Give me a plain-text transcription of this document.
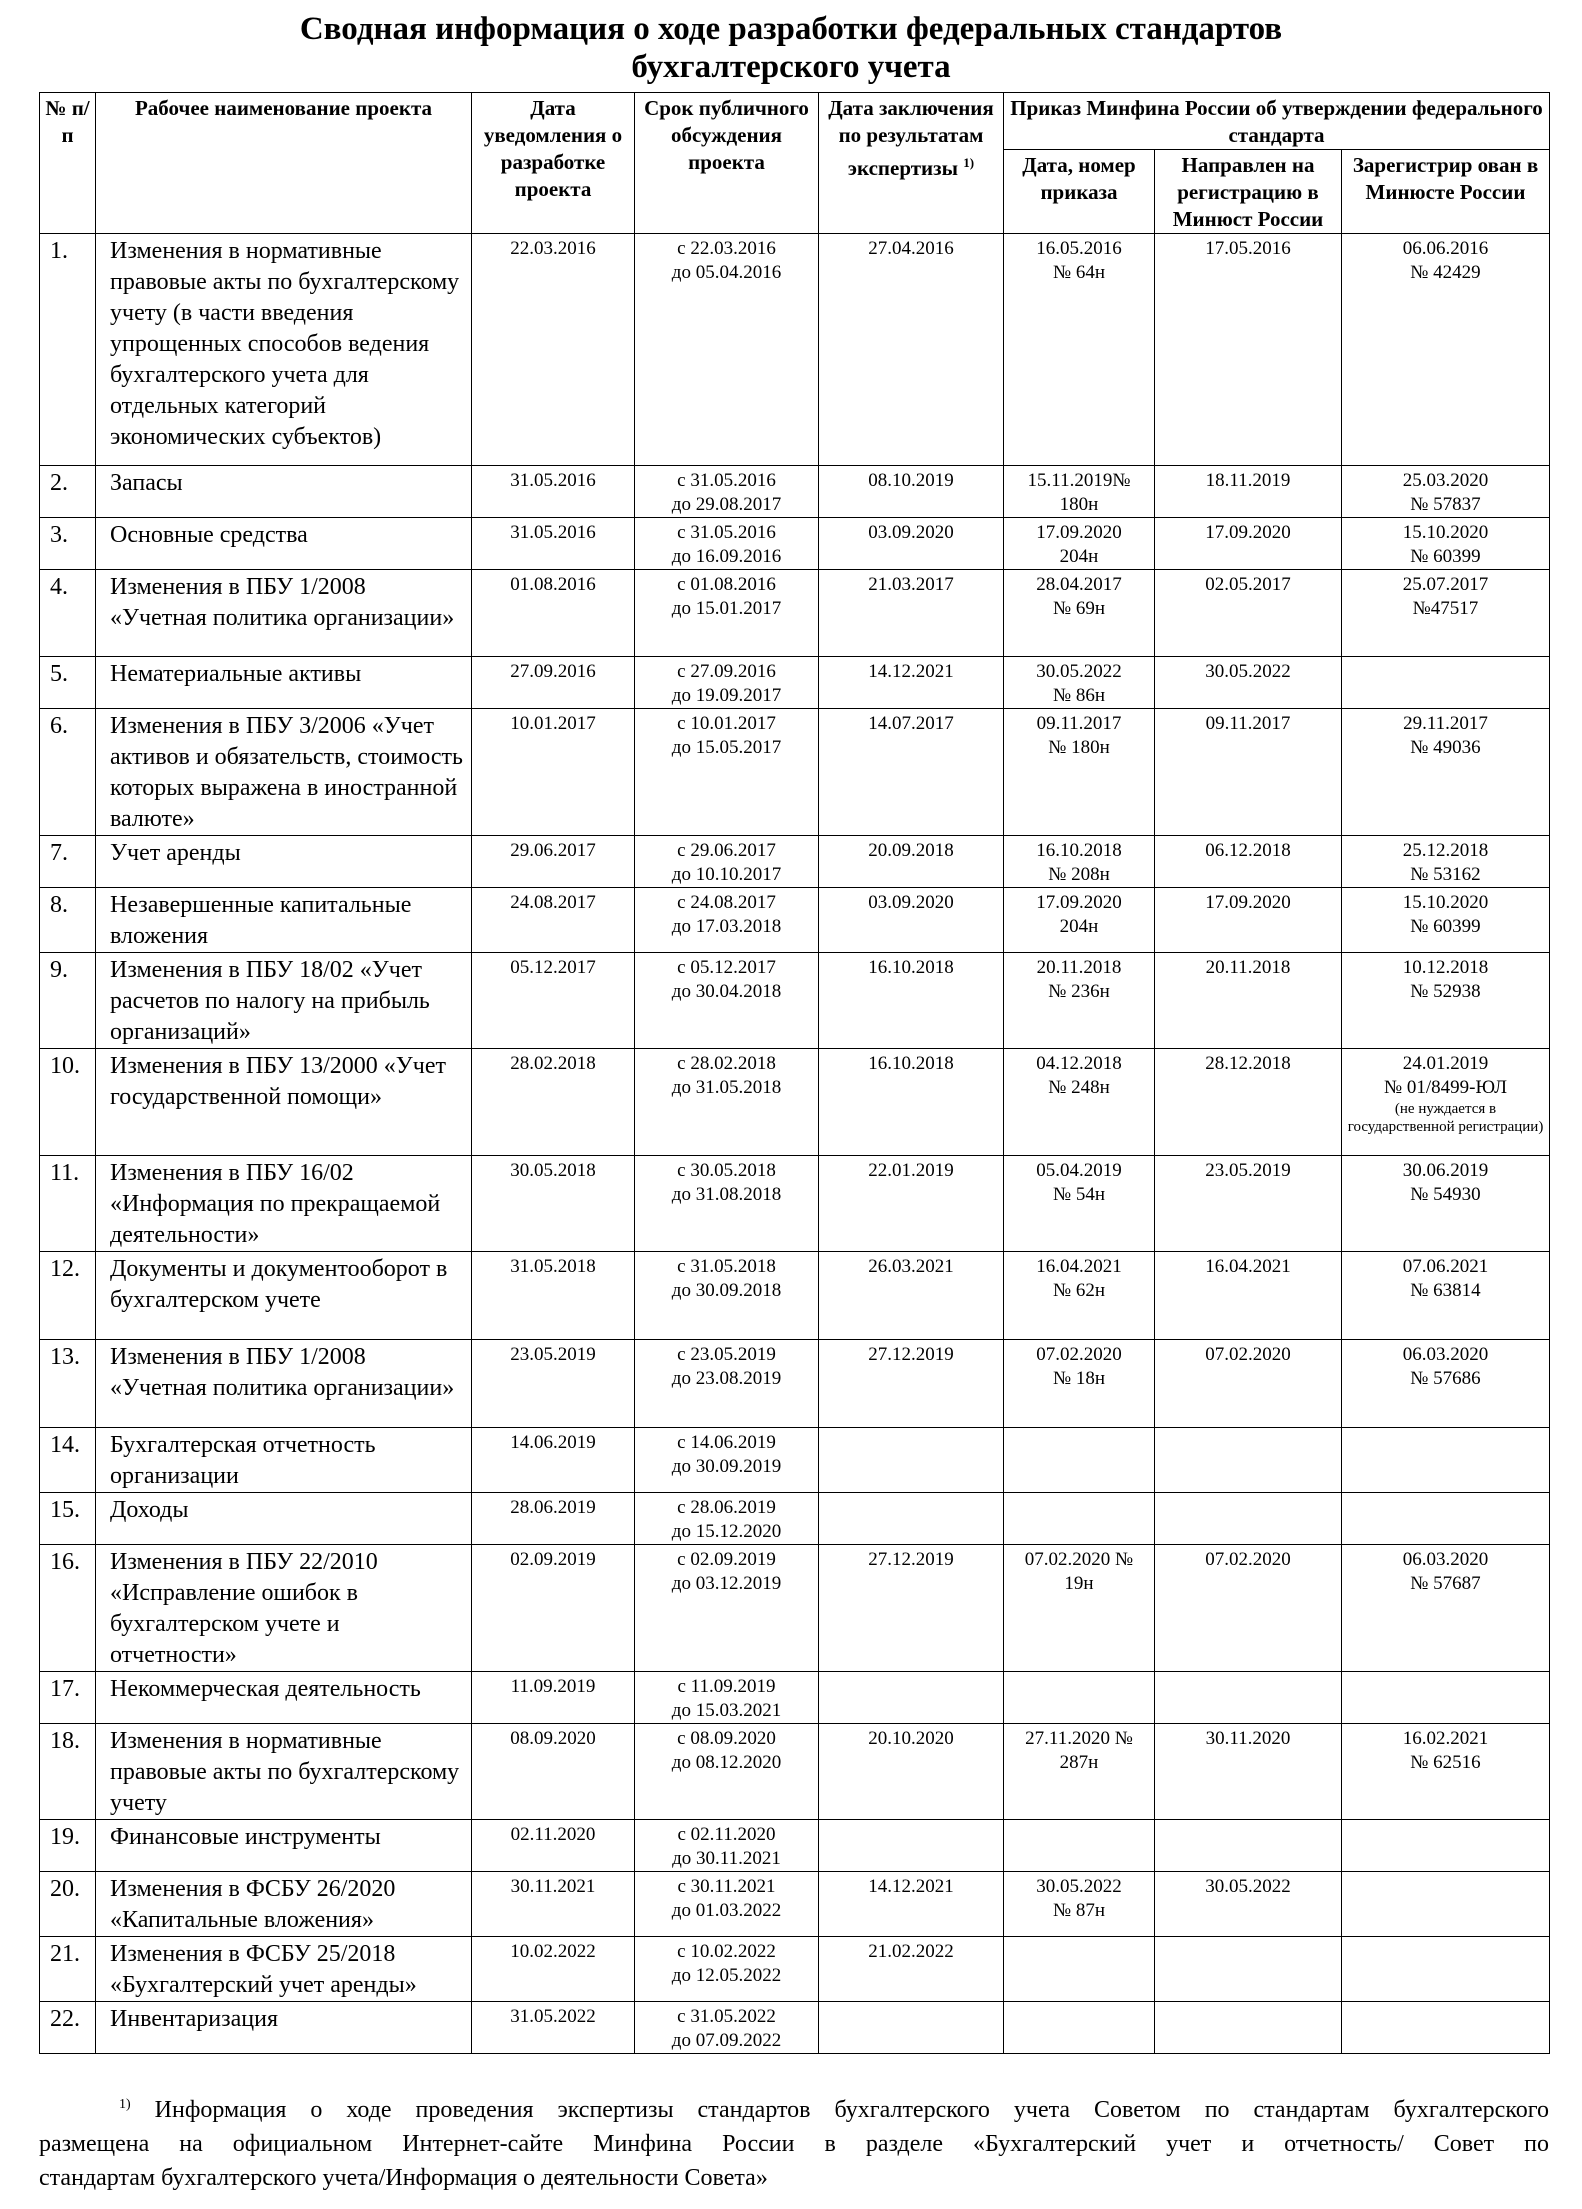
Сводная информация о ходе разработки федеральных стандартов
бухгалтерского учета
№ п/п	Рабочее наименование проекта	Дата уведомления о разработке проекта	Срок публичного обсуждения проекта	Дата заключения по результатам экспертизы $^{1)}$	Приказ Минфина России об утверждении федерального стандарта		
					Дата, номер приказа	Направлен на регистрацию в Минюст России	Зарегистрир ован в Минюсте России
1.	Изменения в нормативные правовые акты по бухгалтерскому учету (в части введения упрощенных способов ведения бухгалтерского учета для отдельных категорий экономических субъектов)	22.03.2016	с 22.03.2016
до 05.04.2016	27.04.2016	16.05.2016
№ 64н	17.05.2016	06.06.2016
№ 42429

2.	Запасы	31.05.2016	с 31.05.2016
до 29.08.2017	08.10.2019	15.11.2019№
180н	18.11.2019	25.03.2020
№ 57837

3.	Основные средства	31.05.2016	с 31.05.2016
до 16.09.2016	03.09.2020	17.09.2020
204н	17.09.2020	15.10.2020
№ 60399

4.	Изменения в ПБУ 1/2008 «Учетная политика организации»	01.08.2016	с 01.08.2016
до 15.01.2017	21.03.2017	28.04.2017
№ 69н	02.05.2017	25.07.2017
№47517

5.	Нематериальные активы	27.09.2016	с 27.09.2016
до 19.09.2017	14.12.2021	30.05.2022
№ 86н	30.05.2022	

6.	Изменения в ПБУ 3/2006 «Учет активов и обязательств, стоимость которых выражена в иностранной валюте»	10.01.2017	с 10.01.2017
до 15.05.2017	14.07.2017	09.11.2017
№ 180н	09.11.2017	29.11.2017
№ 49036

7.	Учет аренды	29.06.2017	с 29.06.2017
до 10.10.2017	20.09.2018	16.10.2018
№ 208н	06.12.2018	25.12.2018
№ 53162

8.	Незавершенные капитальные вложения	24.08.2017	с 24.08.2017
до 17.03.2018	03.09.2020	17.09.2020
204н	17.09.2020	15.10.2020
№ 60399

9.	Изменения в ПБУ 18/02 «Учет расчетов по налогу на прибыль организаций»	05.12.2017	с 05.12.2017
до 30.04.2018	16.10.2018	20.11.2018
№ 236н	20.11.2018	10.12.2018
№ 52938

10.	Изменения в ПБУ 13/2000 «Учет государственной помощи»	28.02.2018	с 28.02.2018
до 31.05.2018	16.10.2018	04.12.2018
№ 248н	28.12.2018	24.01.2019
№ 01/8499-ЮЛ
(не нуждается в государственной регистрации)

11.	Изменения в ПБУ 16/02 «Информация по прекращаемой деятельности»	30.05.2018	с 30.05.2018
до 31.08.2018	22.01.2019	05.04.2019
№ 54н	23.05.2019	30.06.2019
№ 54930

12.	Документы и документооборот в бухгалтерском учете	31.05.2018	с 31.05.2018
до 30.09.2018	26.03.2021	16.04.2021
№ 62н	16.04.2021	07.06.2021
№ 63814

13.	Изменения в ПБУ 1/2008 «Учетная политика организации»	23.05.2019	с 23.05.2019
до 23.08.2019	27.12.2019	07.02.2020
№ 18н	07.02.2020	06.03.2020
№ 57686

14.	Бухгалтерская отчетность организации	14.06.2019	с 14.06.2019
до 30.09.2019				

15.	Доходы	28.06.2019	с 28.06.2019
до 15.12.2020				

16.	Изменения в ПБУ 22/2010 «Исправление ошибок в бухгалтерском учете и отчетности»	02.09.2019	с 02.09.2019
до 03.12.2019	27.12.2019	07.02.2020 №
19н	07.02.2020	06.03.2020
№ 57687

17.	Некоммерческая деятельность	11.09.2019	с 11.09.2019
до 15.03.2021				

18.	Изменения в нормативные правовые акты по бухгалтерскому учету	08.09.2020	с 08.09.2020
до 08.12.2020	20.10.2020	27.11.2020 №
287н	30.11.2020	16.02.2021
№ 62516

19.	Финансовые инструменты	02.11.2020	с 02.11.2020
до 30.11.2021				

20.	Изменения в ФСБУ 26/2020 «Капитальные вложения»	30.11.2021	с 30.11.2021
до 01.03.2022	14.12.2021	30.05.2022
№ 87н	30.05.2022	

21.	Изменения в ФСБУ 25/2018 «Бухгалтерский учет аренды»	10.02.2022	с 10.02.2022
до 12.05.2022	21.02.2022	

22.	Инвентаризация	31.05.2022	с 31.05.2022
до 07.09.2022				

$^{1)}$ Информация о ходе проведения экспертизы стандартов бухгалтерского учета Советом по стандартам бухгалтерского
размещена на официальном Интернет-сайте Минфина России в разделе «Бухгалтерский учет и отчетность/ Совет по
стандартам бухгалтерского учета/Информация о деятельности Совета»
